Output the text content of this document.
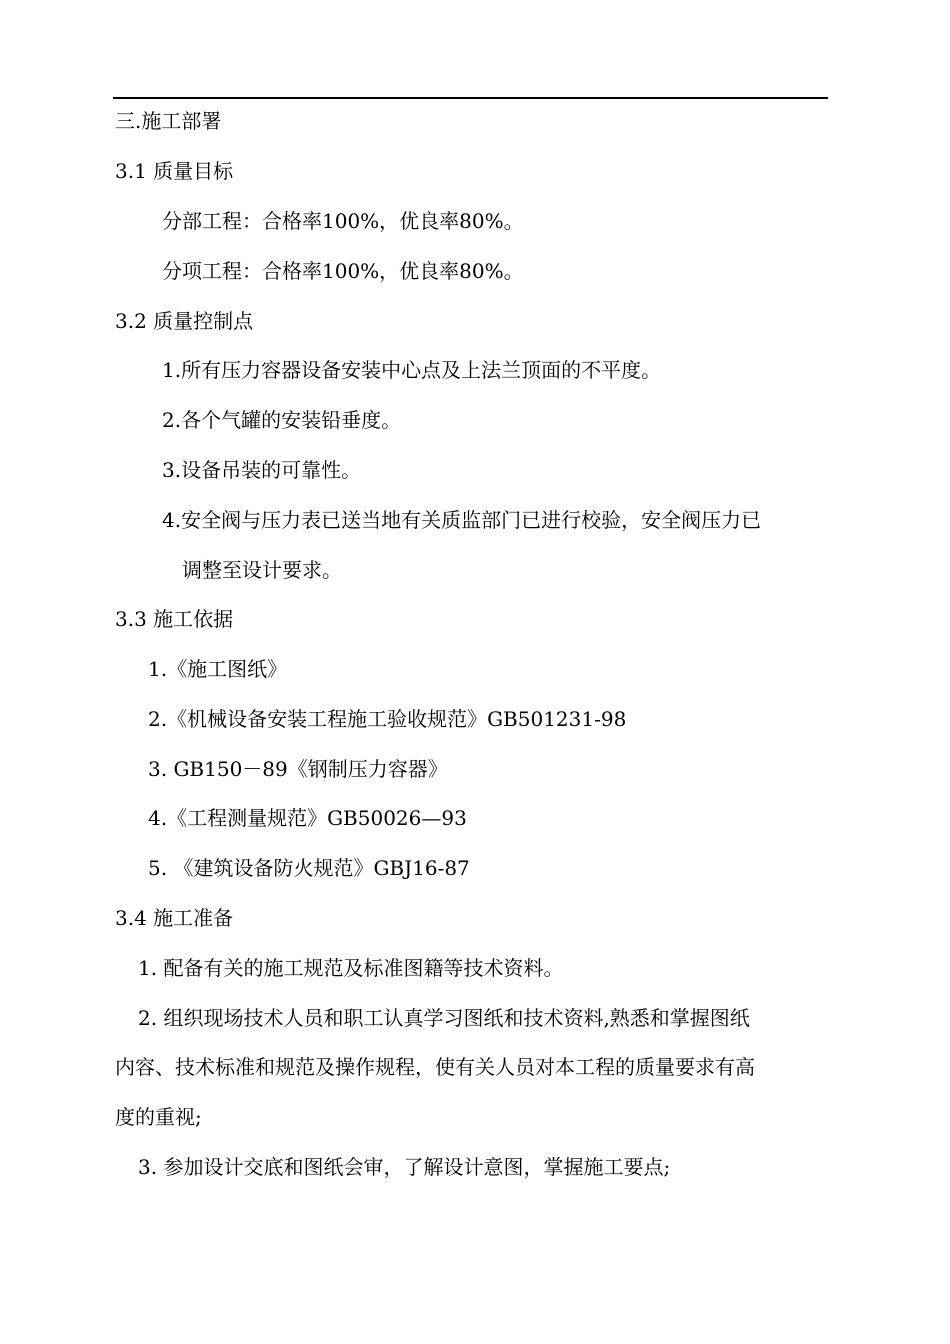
三.施工部署
3.1 质量目标
分部工程：合格率100%，优良率80%。
分项工程：合格率100%，优良率80%。
3.2 质量控制点
1.所有压力容器设备安装中心点及上法兰顶面的不平度。
2.各个气罐的安装铅垂度。
3.设备吊装的可靠性。
4.安全阀与压力表已送当地有关质监部门已进行校验，安全阀压力已
调整至设计要求。
3.3 施工依据
1.《施工图纸》
2.《机械设备安装工程施工验收规范》GB501231-98
3. GB150－89《钢制压力容器》
4.《工程测量规范》GB50026—93
5. 《建筑设备防火规范》GBJ16-87
3.4 施工准备
1. 配备有关的施工规范及标准图籍等技术资料。
2. 组织现场技术人员和职工认真学习图纸和技术资料,熟悉和掌握图纸
内容、技术标准和规范及操作规程，使有关人员对本工程的质量要求有高
度的重视;
3. 参加设计交底和图纸会审，了解设计意图，掌握施工要点;
